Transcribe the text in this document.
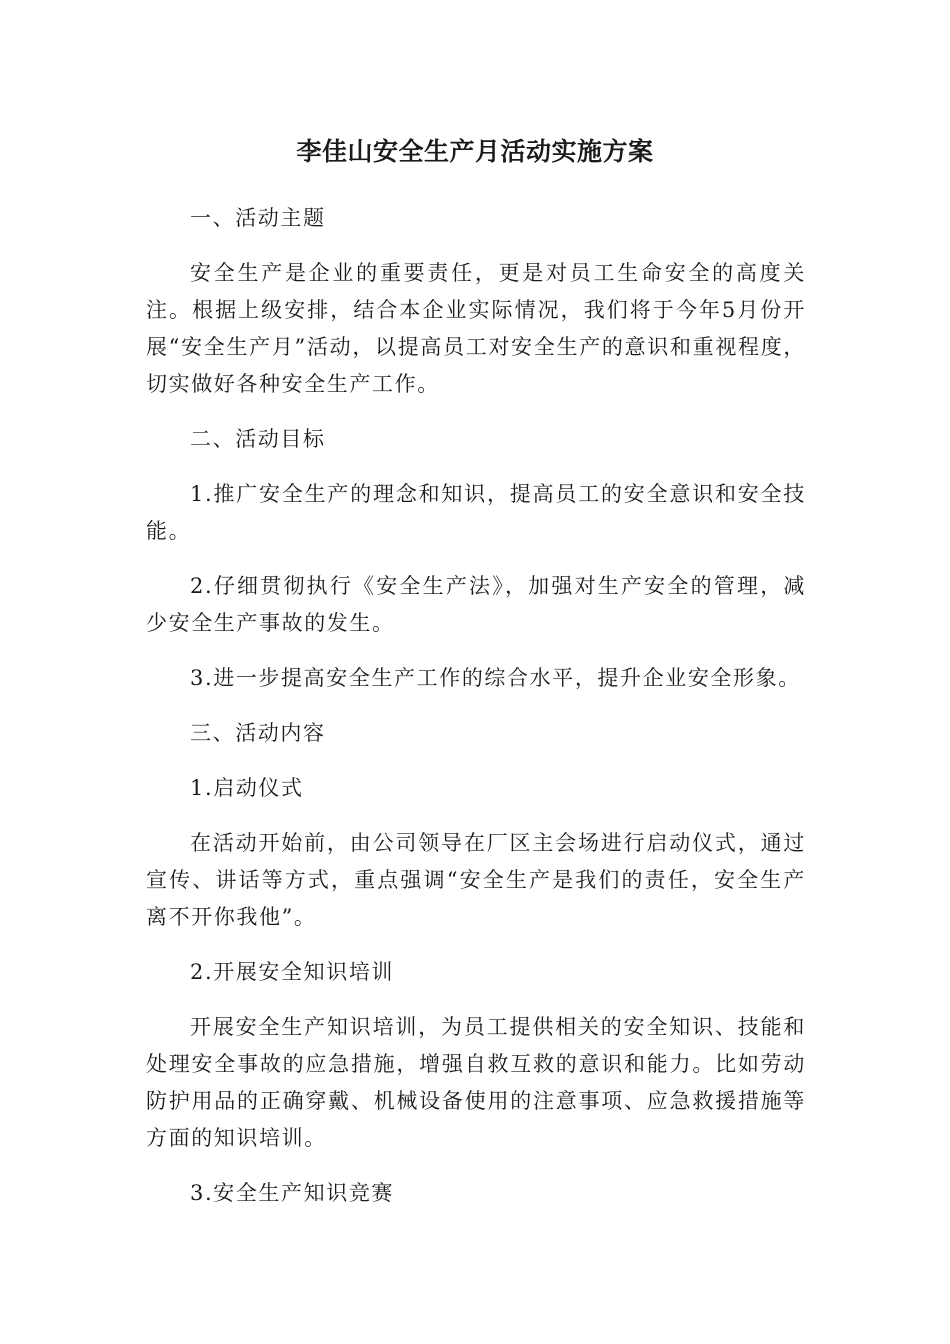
李佳山安全生产月活动实施方案

一、活动主题

安全生产是企业的重要责任，更是对员工生命安全的高度关注。根据上级安排，结合本企业实际情况，我们将于今年5月份开展“安全生产月”活动，以提高员工对安全生产的意识和重视程度，切实做好各种安全生产工作。

二、活动目标

1.推广安全生产的理念和知识，提高员工的安全意识和安全技能。

2.仔细贯彻执行《安全生产法》，加强对生产安全的管理，减少安全生产事故的发生。

3.进一步提高安全生产工作的综合水平，提升企业安全形象。

三、活动内容

1.启动仪式

在活动开始前，由公司领导在厂区主会场进行启动仪式，通过宣传、讲话等方式，重点强调“安全生产是我们的责任，安全生产离不开你我他”。

2.开展安全知识培训

开展安全生产知识培训，为员工提供相关的安全知识、技能和处理安全事故的应急措施，增强自救互救的意识和能力。比如劳动防护用品的正确穿戴、机械设备使用的注意事项、应急救援措施等方面的知识培训。

3.安全生产知识竞赛
